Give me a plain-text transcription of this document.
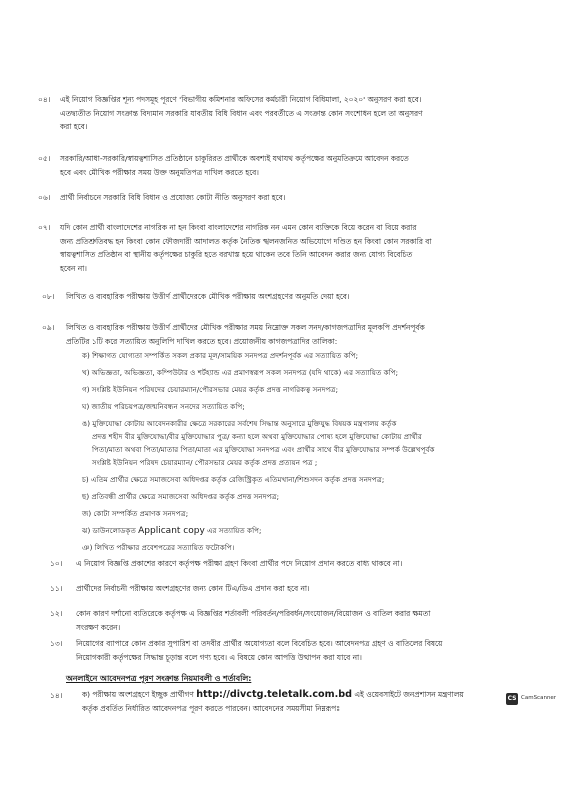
০৪। এই নিয়োগ বিজ্ঞপ্তির শূন্য পদসমূহ পূরণে 'বিভাগীয় কমিশনার অফিসের কর্মচারী নিয়োগ বিধিমালা, ২০২০' অনুসরণ করা হবে।
এতদ্ব্যতীত নিয়োগ সংক্রান্ত বিদ্যমান সরকারি যাবতীয় বিধি বিধান এবং পরবর্তীতে এ সংক্রান্ত কোন সংশোধন হলে তা অনুসরণ
করা হবে।
০৫। সরকারি/আধা-সরকারি/স্বায়ত্বশাসিত প্রতিষ্ঠানে চাকুরিরত প্রার্থীকে অবশ্যই যথাযথ কর্তৃপক্ষের অনুমতিক্রমে আবেদন করতে
হবে এবং মৌখিক পরীক্ষার সময় উক্ত অনুমতিপত্র দাখিল করতে হবে।
০৬। প্রার্থী নির্বাচনে সরকারি বিধি বিধান ও প্রযোজ্য কোটা নীতি অনুসরণ করা হবে।
০৭। যদি কোন প্রার্থী বাংলাদেশের নাগরিক না হন কিংবা বাংলাদেশের নাগরিক নন এমন কোন ব্যক্তিকে বিয়ে করেন বা বিয়ে করার
জন্য প্রতিশ্রুতিবদ্ধ হন কিংবা কোন ফৌজদারী আদালত কর্তৃক নৈতিক স্খলনজনিত অভিযোগে দণ্ডিত হন কিংবা কোন সরকারি বা
স্বায়ত্বশাসিত প্রতিষ্ঠান বা স্থানীয় কর্তৃপক্ষের চাকুরি হতে বরখাস্ত হয়ে থাকেন তবে তিনি আবেদন করার জন্য যোগ্য বিবেচিত
হবেন না।
০৮। লিখিত ও ব্যবহারিক পরীক্ষায় উত্তীর্ণ প্রার্থীদেরকে মৌখিক পরীক্ষায় অংশগ্রহণের অনুমতি দেয়া হবে।
০৯। লিখিত ও ব্যবহারিক পরীক্ষায় উত্তীর্ণ প্রার্থীদের মৌখিক পরীক্ষার সময় নিম্নোক্ত সকল সনদ/কাগজপত্রাদির মূলকপি প্রদর্শনপূর্বক
প্রতিটির ১টি করে সত্যায়িত অনুলিপি দাখিল করতে হবে। প্রয়োজনীয় কাগজপত্রাদির তালিকা:
ক) শিক্ষাগত যোগ্যতা সম্পর্কিত সকল প্রকার মূল/সাময়িক সনদপত্র প্রদর্শনপূর্বক এর সত্যায়িত কপি;
খ) অভিজ্ঞতা, অভিজ্ঞতা, কম্পিউটার ও শর্টহ্যান্ড এর প্রমাণস্বরূপ সকল সনদপত্র (যদি থাকে) এর সত্যায়িত কপি;
গ) সংশ্লিষ্ট ইউনিয়ন পরিষদের চেয়ারম্যান/পৌরসভার মেয়র কর্তৃক প্রদত্ত নাগরিকত্ব সনদপত্র;
ঘ) জাতীয় পরিচয়পত্র/জন্মনিবন্ধন সনদের সত্যায়িত কপি;
ঙ) মুক্তিযোদ্ধা কোটায় আবেদনকারীর ক্ষেত্রে সরকারের সর্বশেষ সিদ্ধান্ত অনুসারে মুক্তিযুদ্ধ বিষয়ক মন্ত্রণালয় কর্তৃক
প্রদত্ত শহীদ বীর মুক্তিযোদ্ধা/বীর মুক্তিযোদ্ধার পুত্র/ কন্যা হলে অথবা মুক্তিযোদ্ধার পোষ্য হলে মুক্তিযোদ্ধা কোটায় প্রার্থীর
পিতা/মাতা অথবা পিতা/মাতার পিতা/মাতা এর মুক্তিযোদ্ধা সনদপত্র এবং প্রার্থীর সাথে বীর মুক্তিযোদ্ধার সম্পর্ক উল্লেখপূর্বক
সংশ্লিষ্ট ইউনিয়ন পরিষদ চেয়ারম্যান/ পৌরসভার মেয়র কর্তৃক প্রদত্ত প্রত্যয়ন পত্র ;
চ) এতিম প্রার্থীর ক্ষেত্রে সমাজসেবা অধিদপ্তর কর্তৃক রেজিস্ট্রিকৃত এতিমখানা/শিশুসদন কর্তৃক প্রদত্ত সনদপত্র;
ছ) প্রতিবন্ধী প্রার্থীর ক্ষেত্রে সমাজসেবা অধিদপ্তর কর্তৃক প্রদত্ত সনদপত্র;
জ) কোটা সম্পর্কিত প্রমাণক সনদপত্র;
ঝ) ডাউনলোডকৃত Applicant copy এর সত্যায়িত কপি;
ঞ) লিখিত পরীক্ষার প্রবেশপত্রের সত্যায়িত ফটোকপি।
১০। এ নিয়োগ বিজ্ঞপ্তি প্রকাশের কারণে কর্তৃপক্ষ পরীক্ষা গ্রহণ কিংবা প্রার্থীর পদে নিয়োগ প্রদান করতে বাধ্য থাকবে না।
১১। প্রার্থীদের নির্বাচনী পরীক্ষায় অংশগ্রহণের জন্য কোন টিএ/ডিএ প্রদান করা হবে না।
১২। কোন কারণ দর্শানো ব্যতিরেকে কর্তৃপক্ষ এ বিজ্ঞপ্তির শর্তাবলী পরিবর্তন/পরিবর্ধন/সংযোজন/বিয়োজন ও বাতিল করার ক্ষমতা
সংরক্ষণ করেন।
১৩। নিয়োগের ব্যাপারে কোন প্রকার সুপারিশ বা তদবীর প্রার্থীর অযোগ্যতা বলে বিবেচিত হবে। আবেদনপত্র গ্রহণ ও বাতিলের বিষয়ে
নিয়োগকারী কর্তৃপক্ষের সিদ্ধান্ত চূড়ান্ত বলে গণ্য হবে। এ বিষয়ে কোন আপত্তি উত্থাপন করা যাবে না।
অনলাইনে আবেদনপত্র পূরণ সংক্রান্ত নিয়মাবলী ও শর্তাবলি:
১৪।	ক) পরীক্ষায় অংশগ্রহণে ইচ্ছুক প্রার্থীগণ http://divctg.teletalk.com.bd এই ওয়েবসাইটে জনপ্রশাসন মন্ত্রণালয়
কর্তৃক প্রবর্তিত নির্ধারিত আবেদনপত্র পূরণ করতে পারবেন। আবেদনের সময়সীমা নিম্নরূপঃ
CS CamScanner
